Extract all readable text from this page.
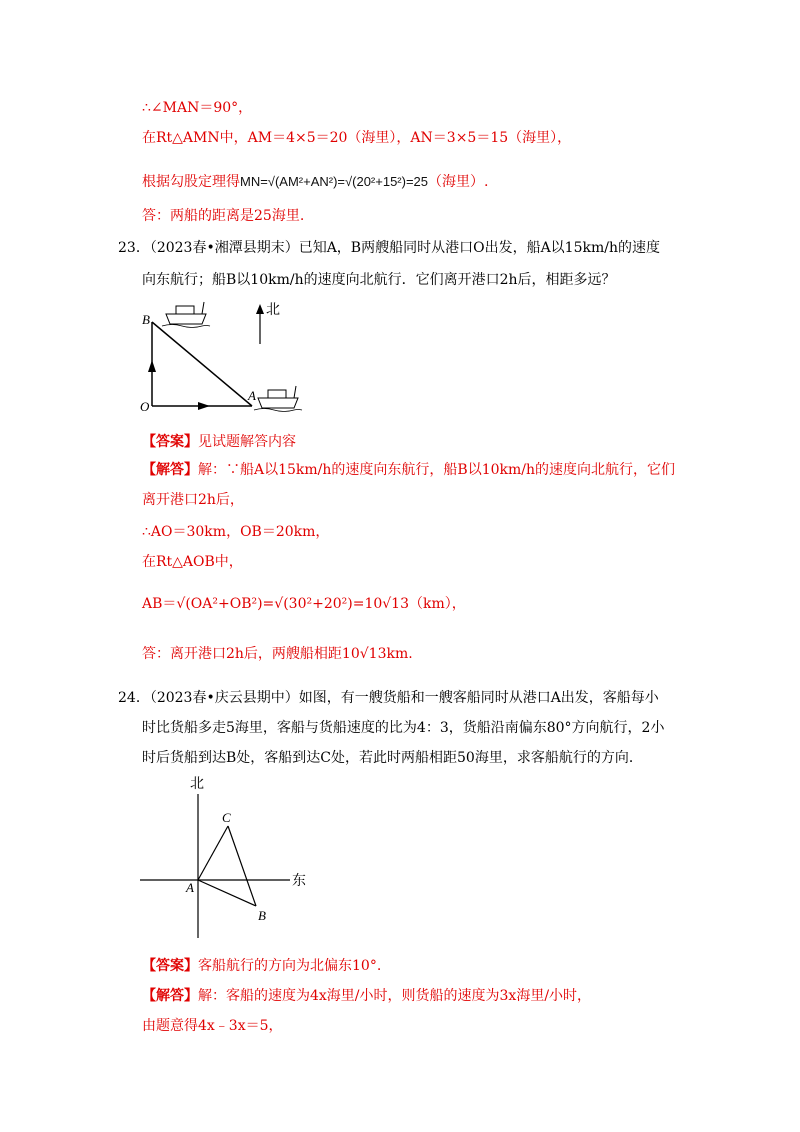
∴∠MAN＝90°，
在Rt△AMN中，AM＝4×5＝20（海里），AN＝3×5＝15（海里），
根据勾股定理得MN=√(AM²+AN²)=√(20²+15²)=25（海里）.
答：两船的距离是25海里.
23．（2023春•湘潭县期末）已知A，B两艘船同时从港口O出发，船A以15km/h的速度
向东航行；船B以10km/h的速度向北航行．它们离开港口2h后，相距多远？
B
O
A
北
【答案】见试题解答内容
【解答】解：∵船A以15km/h的速度向东航行，船B以10km/h的速度向北航行，它们
离开港口2h后，
∴AO＝30km，OB＝20km，
在Rt△AOB中，
AB＝√(OA²+OB²)=√(30²+20²)=10√13（km），
答：离开港口2h后，两艘船相距10√13km.
24．（2023春•庆云县期中）如图，有一艘货船和一艘客船同时从港口A出发，客船每小
时比货船多走5海里，客船与货船速度的比为4：3，货船沿南偏东80°方向航行，2小
时后货船到达B处，客船到达C处，若此时两船相距50海里，求客船航行的方向．
北
东
A
B
C
【答案】客船航行的方向为北偏东10°.
【解答】解：客船的速度为4x海里/小时，则货船的速度为3x海里/小时，
由题意得4x﹣3x＝5，
